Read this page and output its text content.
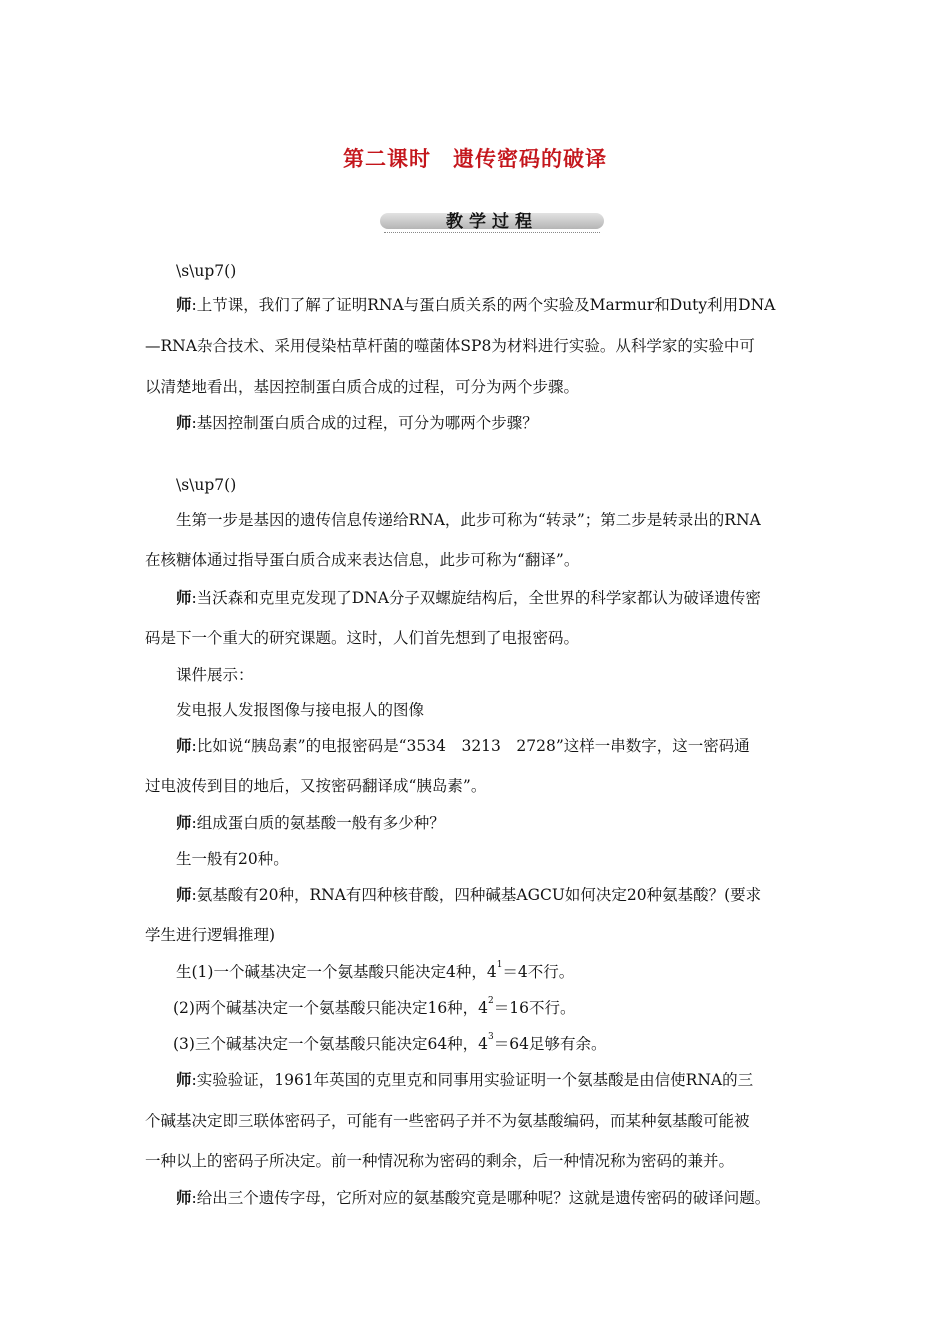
第二课时　遗传密码的破译
教学过程
\s\up7()
师:上节课，我们了解了证明RNA与蛋白质关系的两个实验及Marmur和Duty利用DNA
—RNA杂合技术、采用侵染枯草杆菌的噬菌体SP8为材料进行实验。从科学家的实验中可
以清楚地看出，基因控制蛋白质合成的过程，可分为两个步骤。
师:基因控制蛋白质合成的过程，可分为哪两个步骤？
\s\up7()
生第一步是基因的遗传信息传递给RNA，此步可称为“转录”；第二步是转录出的RNA
在核糖体通过指导蛋白质合成来表达信息，此步可称为“翻译”。
师:当沃森和克里克发现了DNA分子双螺旋结构后，全世界的科学家都认为破译遗传密
码是下一个重大的研究课题。这时，人们首先想到了电报密码。
课件展示：
发电报人发报图像与接电报人的图像
师:比如说“胰岛素”的电报密码是“3534　3213　2728”这样一串数字，这一密码通
过电波传到目的地后，又按密码翻译成“胰岛素”。
师:组成蛋白质的氨基酸一般有多少种？
生一般有20种。
师:氨基酸有20种，RNA有四种核苷酸，四种碱基AGCU如何决定20种氨基酸？(要求
学生进行逻辑推理)
生(1)一个碱基决定一个氨基酸只能决定4种，$4^1=4$不行。
(2)两个碱基决定一个氨基酸只能决定16种，$4^2=16$不行。
(3)三个碱基决定一个氨基酸只能决定64种，$4^3=64$足够有余。
师:实验验证，1961年英国的克里克和同事用实验证明一个氨基酸是由信使RNA的三
个碱基决定即三联体密码子，可能有一些密码子并不为氨基酸编码，而某种氨基酸可能被
一种以上的密码子所决定。前一种情况称为密码的剩余，后一种情况称为密码的兼并。
师:给出三个遗传字母，它所对应的氨基酸究竟是哪种呢？这就是遗传密码的破译问题。
